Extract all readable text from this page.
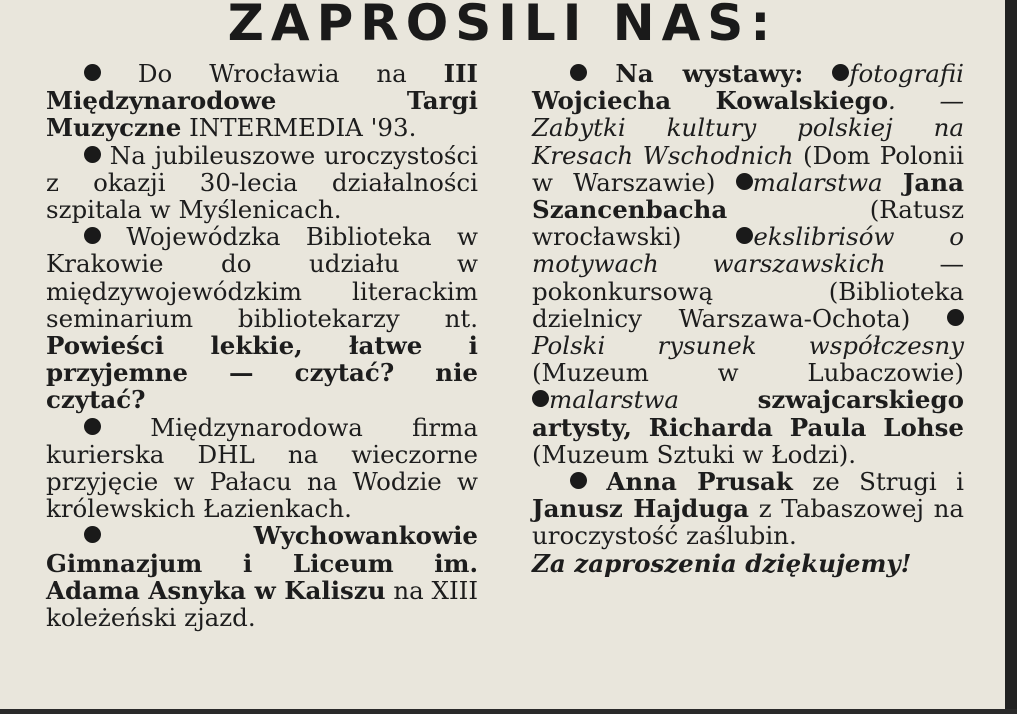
ZAPROSILI NAS:

Do Wrocławia na III Międzynarodowe Targi Muzyczne INTERMEDIA '93.

Na jubileuszowe uroczystości z okazji 30-lecia działalności szpitala w Myślenicach.

Wojewódzka Biblioteka w Krakowie do udziału w międzywojewódzkim literackim seminarium bibliotekarzy nt. Powieści lekkie, łatwe i przyjemne — czytać? nie czytać?

Międzynarodowa firma kurierska DHL na wieczorne przyjęcie w Pałacu na Wodzie w królewskich Łazienkach.

Wychowankowie Gimnazjum i Liceum im. Adama Asnyka w Kaliszu na XIII koleżeński zjazd.

Na wystawy: fotografii Wojciecha Kowalskiego. — Zabytki kultury polskiej na Kresach Wschodnich (Dom Polonii w Warszawie) malarstwa Jana Szancenbacha (Ratusz wrocławski) ekslibrisów o motywach warszawskich — pokonkursową (Biblioteka dzielnicy Warszawa-Ochota) Polski rysunek współczesny (Muzeum w Lubaczowie) malarstwa szwajcarskiego artysty, Richarda Paula Lohse (Muzeum Sztuki w Łodzi).

Anna Prusak ze Strugi i Janusz Hajduga z Tabaszowej na uroczystość zaślubin.

Za zaproszenia dziękujemy!
